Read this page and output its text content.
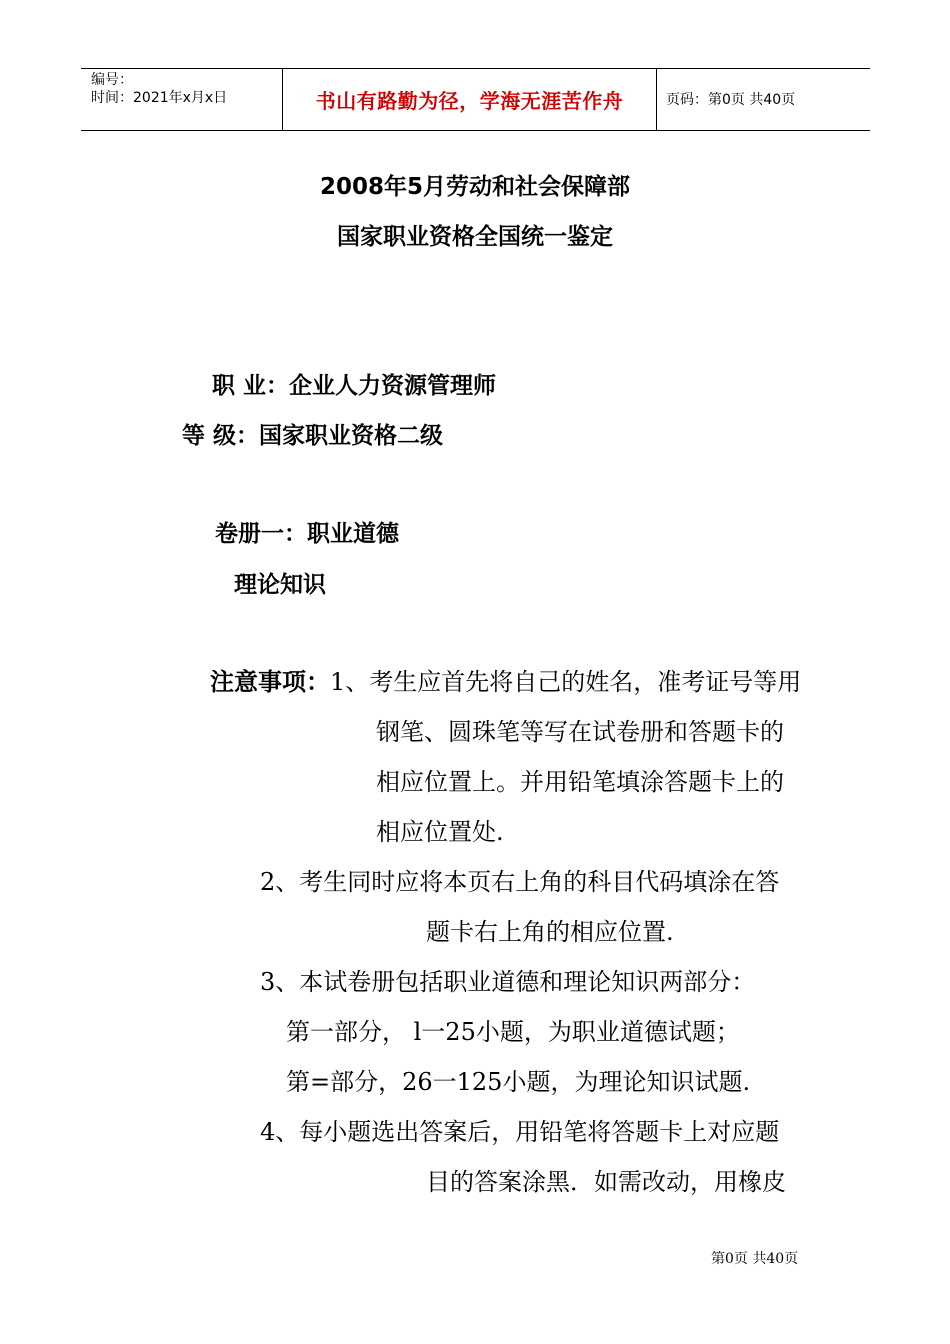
编号：
时间：2021年x月x日	书山有路勤为径，学海无涯苦作舟	页码：第0页 共40页
2008年5月劳动和社会保障部
国家职业资格全国统一鉴定
职 业：企业人力资源管理师
等 级：国家职业资格二级
卷册一：职业道德
理论知识
注意事项：1、考生应首先将自己的姓名，准考证号等用
钢笔、圆珠笔等写在试卷册和答题卡的
相应位置上。并用铅笔填涂答题卡上的
相应位置处.
2、考生同时应将本页右上角的科目代码填涂在答
题卡右上角的相应位置.
3、本试卷册包括职业道德和理论知识两部分：
第一部分， l一25小题，为职业道德试题；
第=部分，26一125小题，为理论知识试题.
4、每小题选出答案后，用铅笔将答题卡上对应题
目的答案涂黑．如需改动，用橡皮
第0页 共40页
